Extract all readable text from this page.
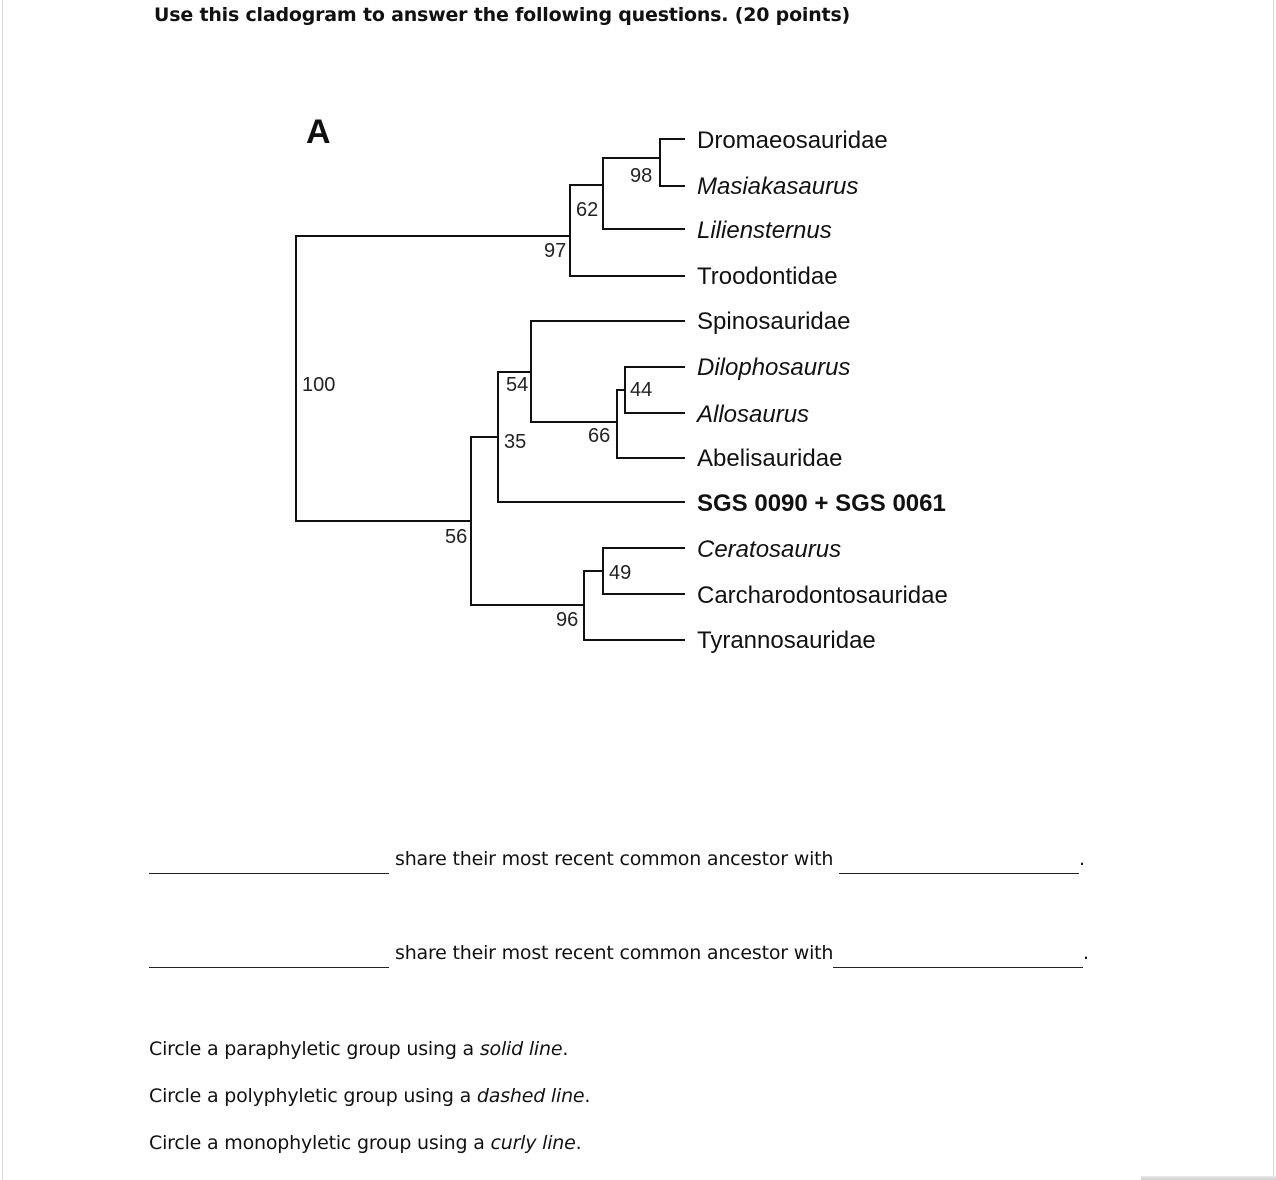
Use this cladogram to answer the following questions. (20 points)
A
98
62
97
100	54	44
35	66
56
49
96
Dromaeosauridae
Masiakasaurus
Liliensternus
Troodontidae
Spinosauridae
Dilophosaurus
Allosaurus
Abelisauridae
SGS 0090 + SGS 0061
Ceratosaurus
Carcharodontosauridae
Tyrannosauridae
share their most recent common ancestor with	.
share their most recent common ancestor with	.
Circle a paraphyletic group using a solid line.
Circle a polyphyletic group using a dashed line.
Circle a monophyletic group using a curly line.
